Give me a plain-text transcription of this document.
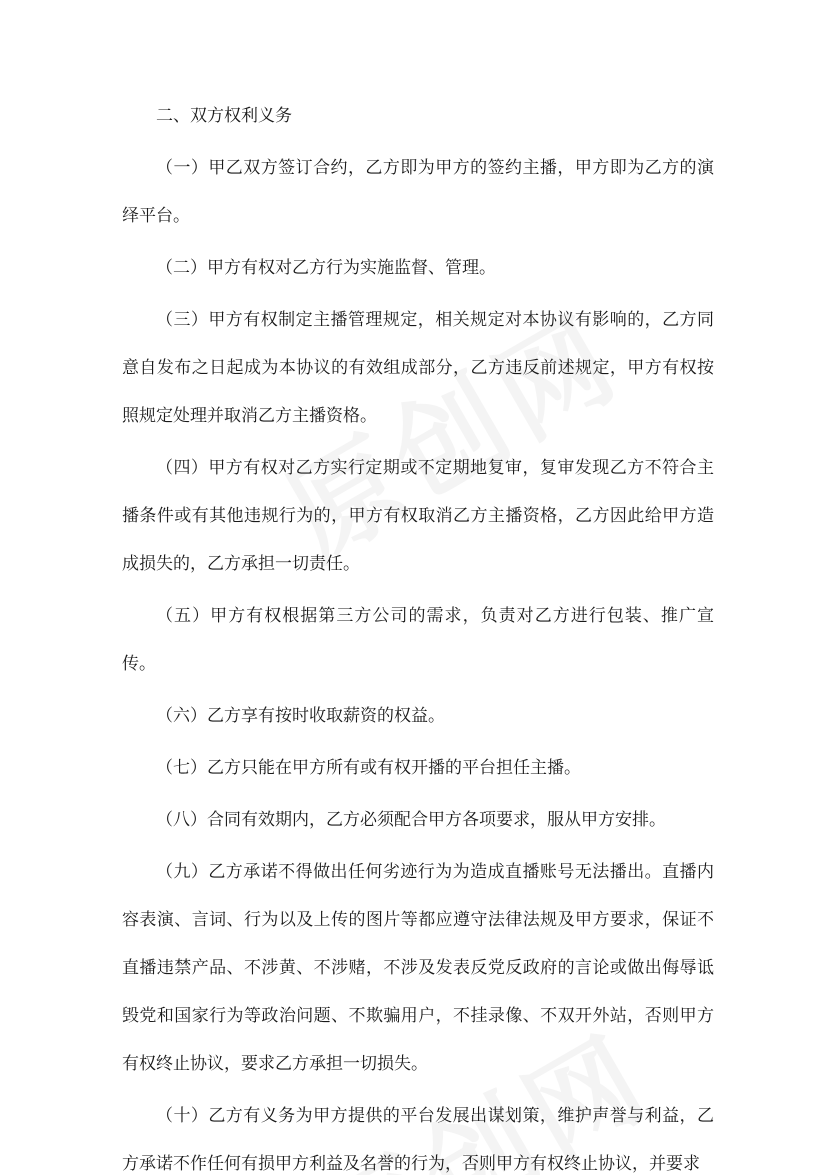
二、双方权利义务

（一）甲乙双方签订合约，乙方即为甲方的签约主播，甲方即为乙方的演绎平台。

（二）甲方有权对乙方行为实施监督、管理。

（三）甲方有权制定主播管理规定，相关规定对本协议有影响的，乙方同意自发布之日起成为本协议的有效组成部分，乙方违反前述规定，甲方有权按照规定处理并取消乙方主播资格。

（四）甲方有权对乙方实行定期或不定期地复审，复审发现乙方不符合主播条件或有其他违规行为的，甲方有权取消乙方主播资格，乙方因此给甲方造成损失的，乙方承担一切责任。

（五）甲方有权根据第三方公司的需求，负责对乙方进行包装、推广宣传。

（六）乙方享有按时收取薪资的权益。

（七）乙方只能在甲方所有或有权开播的平台担任主播。

（八）合同有效期内，乙方必须配合甲方各项要求，服从甲方安排。

（九）乙方承诺不得做出任何劣迹行为为造成直播账号无法播出。直播内容表演、言词、行为以及上传的图片等都应遵守法律法规及甲方要求，保证不直播违禁产品、不涉黄、不涉赌，不涉及发表反党反政府的言论或做出侮辱诋毁党和国家行为等政治问题、不欺骗用户，不挂录像、不双开外站，否则甲方有权终止协议，要求乙方承担一切损失。

（十）乙方有义务为甲方提供的平台发展出谋划策，维护声誉与利益，乙方承诺不作任何有损甲方利益及名誉的行为，否则甲方有权终止协议，并要求
